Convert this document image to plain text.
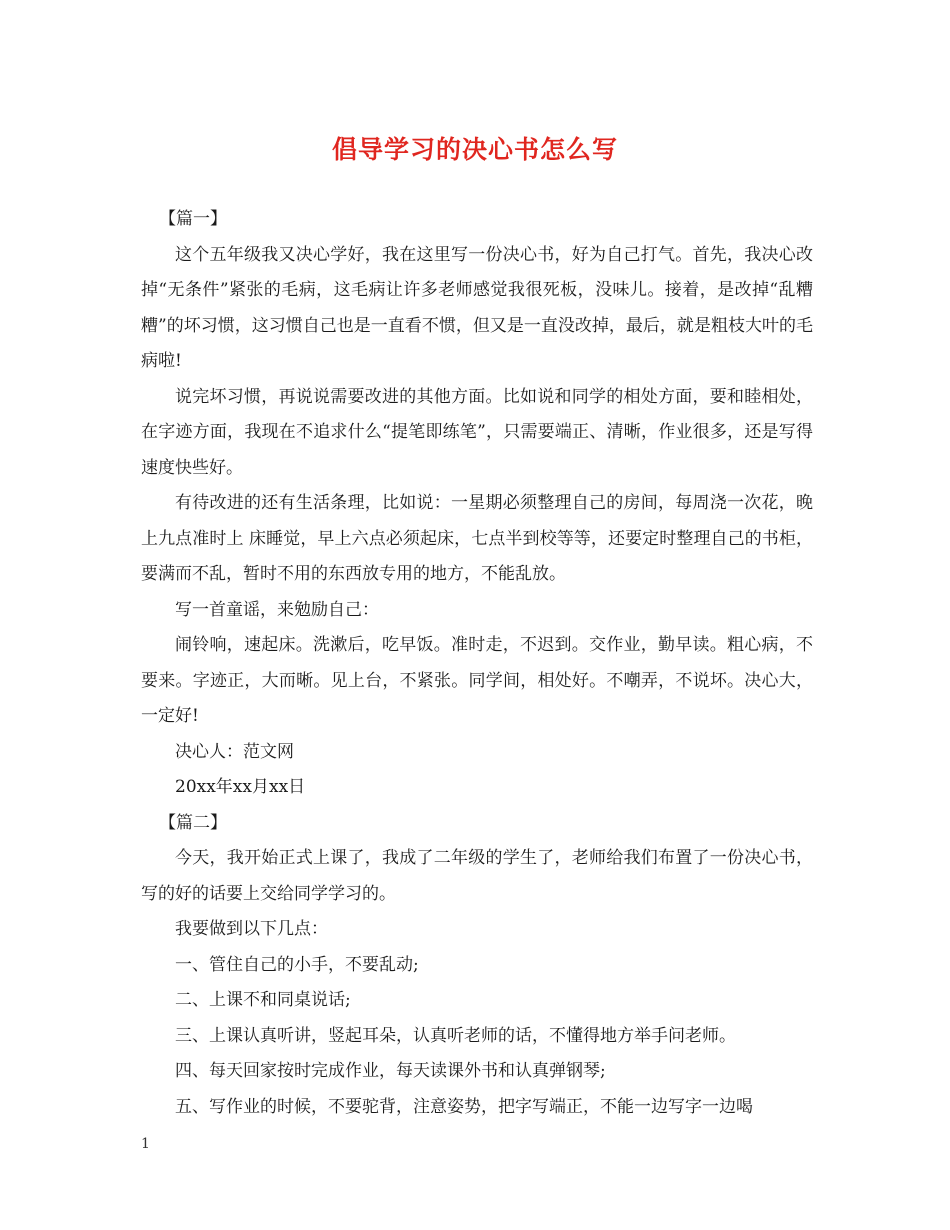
倡导学习的决心书怎么写

【篇一】

这个五年级我又决心学好，我在这里写一份决心书，好为自己打气。首先，我决心改掉“无条件”紧张的毛病，这毛病让许多老师感觉我很死板，没味儿。接着，是改掉“乱糟糟”的坏习惯，这习惯自己也是一直看不惯，但又是一直没改掉，最后，就是粗枝大叶的毛病啦!

说完坏习惯，再说说需要改进的其他方面。比如说和同学的相处方面，要和睦相处，在字迹方面，我现在不追求什么“提笔即练笔”，只需要端正、清晰，作业很多，还是写得速度快些好。

有待改进的还有生活条理，比如说：一星期必须整理自己的房间，每周浇一次花，晚上九点准时上 床睡觉，早上六点必须起床，七点半到校等等，还要定时整理自己的书柜，要满而不乱，暂时不用的东西放专用的地方，不能乱放。

写一首童谣，来勉励自己：

闹铃响，速起床。洗漱后，吃早饭。准时走，不迟到。交作业，勤早读。粗心病，不要来。字迹正，大而晰。见上台，不紧张。同学间，相处好。不嘲弄，不说坏。决心大，一定好!

决心人：范文网

20xx年xx月xx日

【篇二】

今天，我开始正式上课了，我成了二年级的学生了，老师给我们布置了一份决心书，写的好的话要上交给同学学习的。

我要做到以下几点：

一、管住自己的小手，不要乱动;

二、上课不和同桌说话;

三、上课认真听讲，竖起耳朵，认真听老师的话，不懂得地方举手问老师。

四、每天回家按时完成作业，每天读课外书和认真弹钢琴;

五、写作业的时候，不要驼背，注意姿势，把字写端正，不能一边写字一边喝

1
